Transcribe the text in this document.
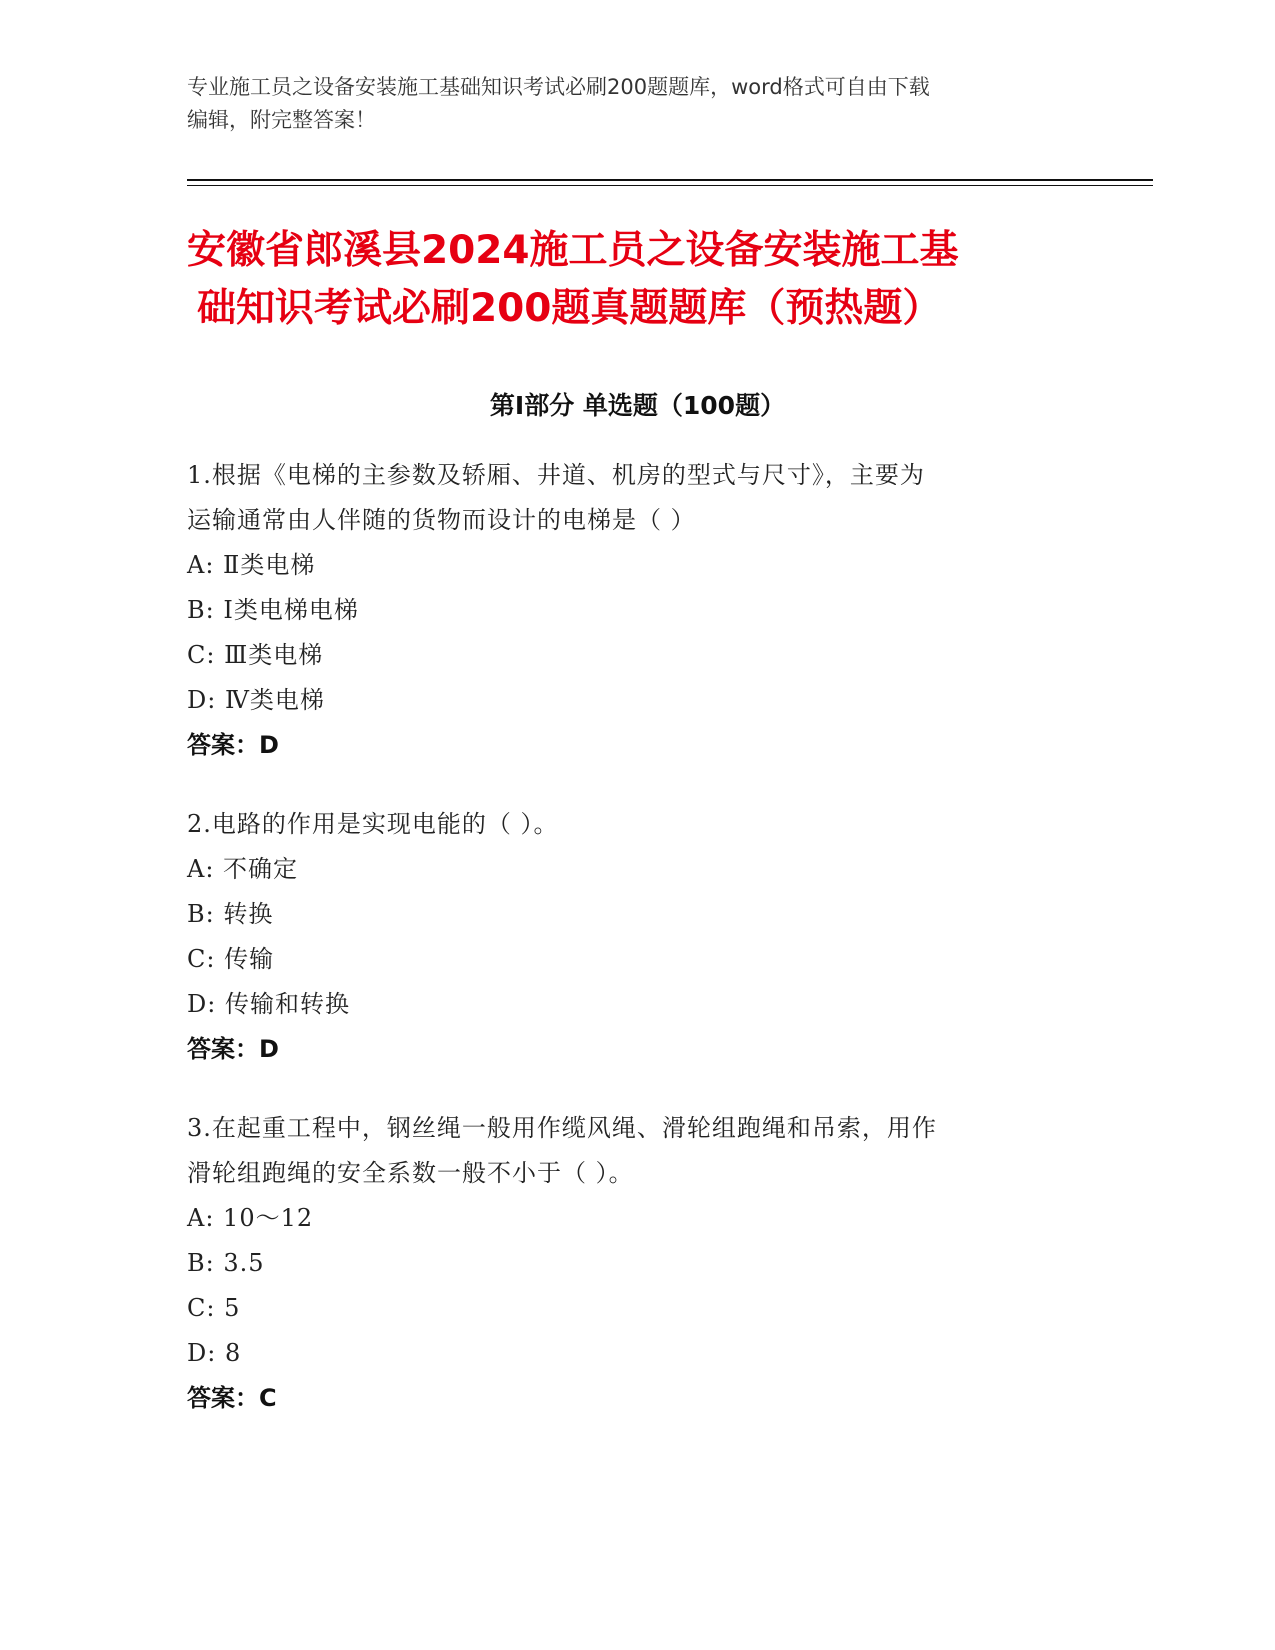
专业施工员之设备安装施工基础知识考试必刷200题题库，word格式可自由下载
编辑，附完整答案！
安徽省郎溪县2024施工员之设备安装施工基
础知识考试必刷200题真题题库（预热题）
第Ⅰ部分 单选题（100题）
1.根据《电梯的主参数及轿厢、井道、机房的型式与尺寸》，主要为
运输通常由人伴随的货物而设计的电梯是（ ）
A: Ⅱ类电梯
B: Ⅰ类电梯电梯
C: Ⅲ类电梯
D: Ⅳ类电梯
答案：D
2.电路的作用是实现电能的（ ）。
A: 不确定
B: 转换
C: 传输
D: 传输和转换
答案：D
3.在起重工程中，钢丝绳一般用作缆风绳、滑轮组跑绳和吊索，用作
滑轮组跑绳的安全系数一般不小于（ ）。
A: 10～12
B: 3.5
C: 5
D: 8
答案：C
